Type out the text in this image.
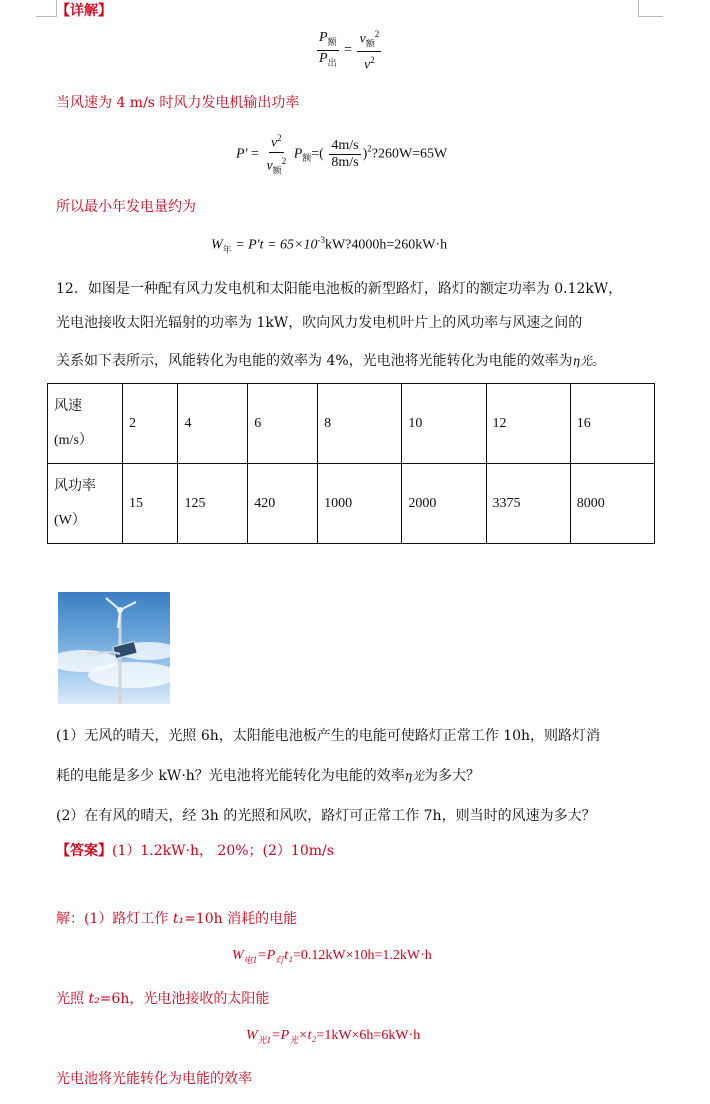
$\frac{P_额}{P_出} = \frac{v_额^2}{v^2}$
当风速为 4 m/s 时风力发电机输出功率
$P' = \frac{v^2}{v_额^2} P_额=( \frac{4m/s}{8m/s}$ )$^2?260W=65W$
所以最小年发电量约为
$W_年 = P't$ = $65\times 10^{-3}kW?4000h=260kW\cdot h$
12．如图是一种配有风力发电机和太阳能电池板的新型路灯，路灯的额定功率为 0.12kW，
光电池接收太阳光辐射的功率为 1kW，吹向风力发电机叶片上的风功率与风速之间的
关系如下表所示，风能转化为电能的效率为 4%，光电池将光能转化为电能的效率为η光。
风速
(m/s）	2	4	6	8	10	12	16
风功率
(W）	15	125	420	1000	2000	3375	8000
(1）无风的晴天，光照 6h，太阳能电池板产生的电能可使路灯正常工作 10h，则路灯消
耗的电能是多少 kW·h？光电池将光能转化为电能的效率η光为多大？
(2）在有风的晴天，经 3h 的光照和风吹，路灯可正常工作 7h，则当时的风速为多大？
【答案】(1）1.2kW·h， 20%；(2）10m/s
【详解】
解：(1）路灯工作 t₁=10h 消耗的电能
$W_{电1}=P_灯t_1=0.12kW\times 10h=1.2kW\cdot h$
光照 t₂=6h，光电池接收的太阳能
$W_{光1}=P_光\times t_2=1kW\times 6h=6kW\cdot h$
光电池将光能转化为电能的效率
